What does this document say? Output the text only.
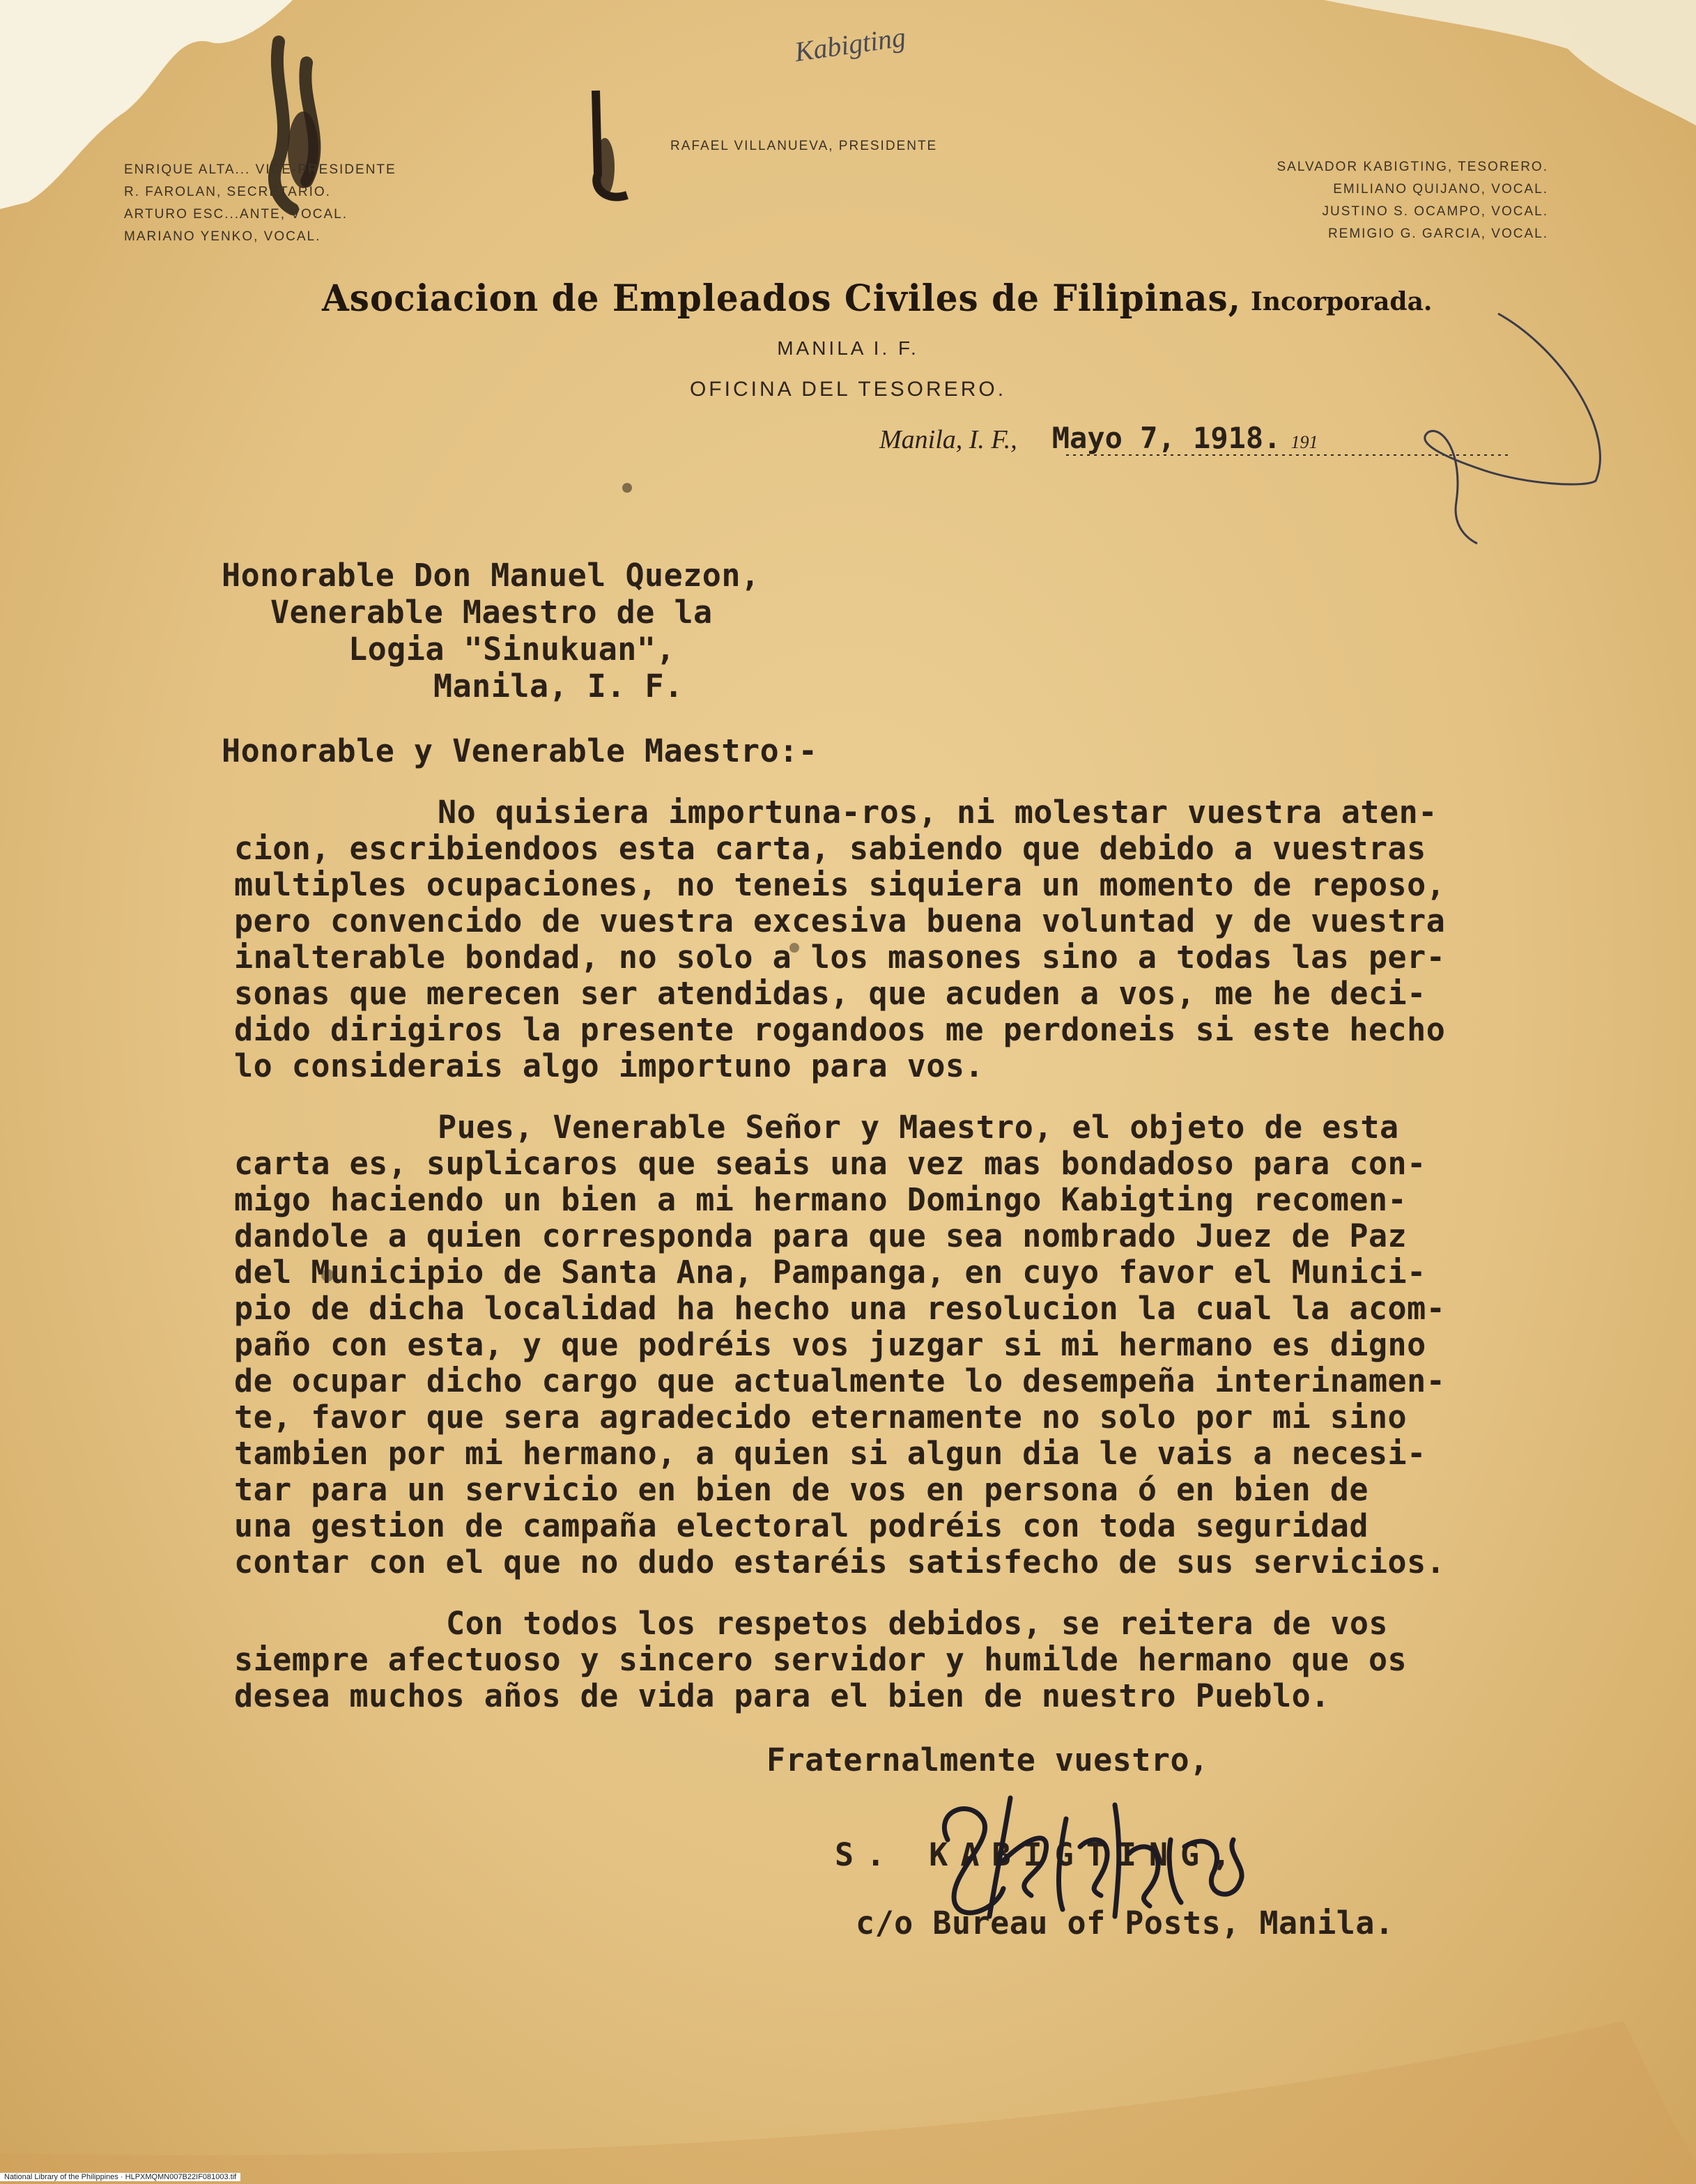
Kabigting
ENRIQUE ALTA... VICE-PRESIDENTE
R. FAROLAN, SECRETARIO.
ARTURO ESC...ANTE, VOCAL.
MARIANO YENKO, VOCAL.
RAFAEL VILLANUEVA, PRESIDENTE
SALVADOR KABIGTING, TESORERO.
EMILIANO QUIJANO, VOCAL.
JUSTINO S. OCAMPO, VOCAL.
REMIGIO G. GARCIA, VOCAL.
Asociacion de Empleados Civiles de Filipinas, Incorporada.
MANILA I. F.
OFICINA DEL TESORERO.
Manila, I. F., Mayo 7, 1918. 191
Honorable Don Manuel Quezon,
Venerable Maestro de la
Logia "Sinukuan",
Manila, I. F.
Honorable y Venerable Maestro:-
No quisiera importuna-ros, ni molestar vuestra aten-
cion, escribiendoos esta carta, sabiendo que debido a vuestras
multiples ocupaciones, no teneis siquiera un momento de reposo,
pero convencido de vuestra excesiva buena voluntad y de vuestra
inalterable bondad, no solo a los masones sino a todas las per-
sonas que merecen ser atendidas, que acuden a vos, me he deci-
dido dirigiros la presente rogandoos me perdoneis si este hecho
lo considerais algo importuno para vos.
Pues, Venerable Señor y Maestro, el objeto de esta
carta es, suplicaros que seais una vez mas bondadoso para con-
migo haciendo un bien a mi hermano Domingo Kabigting recomen-
dandole a quien corresponda para que sea nombrado Juez de Paz
del Municipio de Santa Ana, Pampanga, en cuyo favor el Munici-
pio de dicha localidad ha hecho una resolucion la cual la acom-
paño con esta, y que podréis vos juzgar si mi hermano es digno
de ocupar dicho cargo que actualmente lo desempeña interinamen-
te, favor que sera agradecido eternamente no solo por mi sino
tambien por mi hermano, a quien si algun dia le vais a necesi-
tar para un servicio en bien de vos en persona ó en bien de
una gestion de campaña electoral podréis con toda seguridad
contar con el que no dudo estaréis satisfecho de sus servicios.
Con todos los respetos debidos, se reitera de vos
siempre afectuoso y sincero servidor y humilde hermano que os
desea muchos años de vida para el bien de nuestro Pueblo.
Fraternalmente vuestro,
S. KABIGTING,
c/o Bureau of Posts, Manila.
National Library of the Philippines · HLPXMQMN007B22IF081003.tif
